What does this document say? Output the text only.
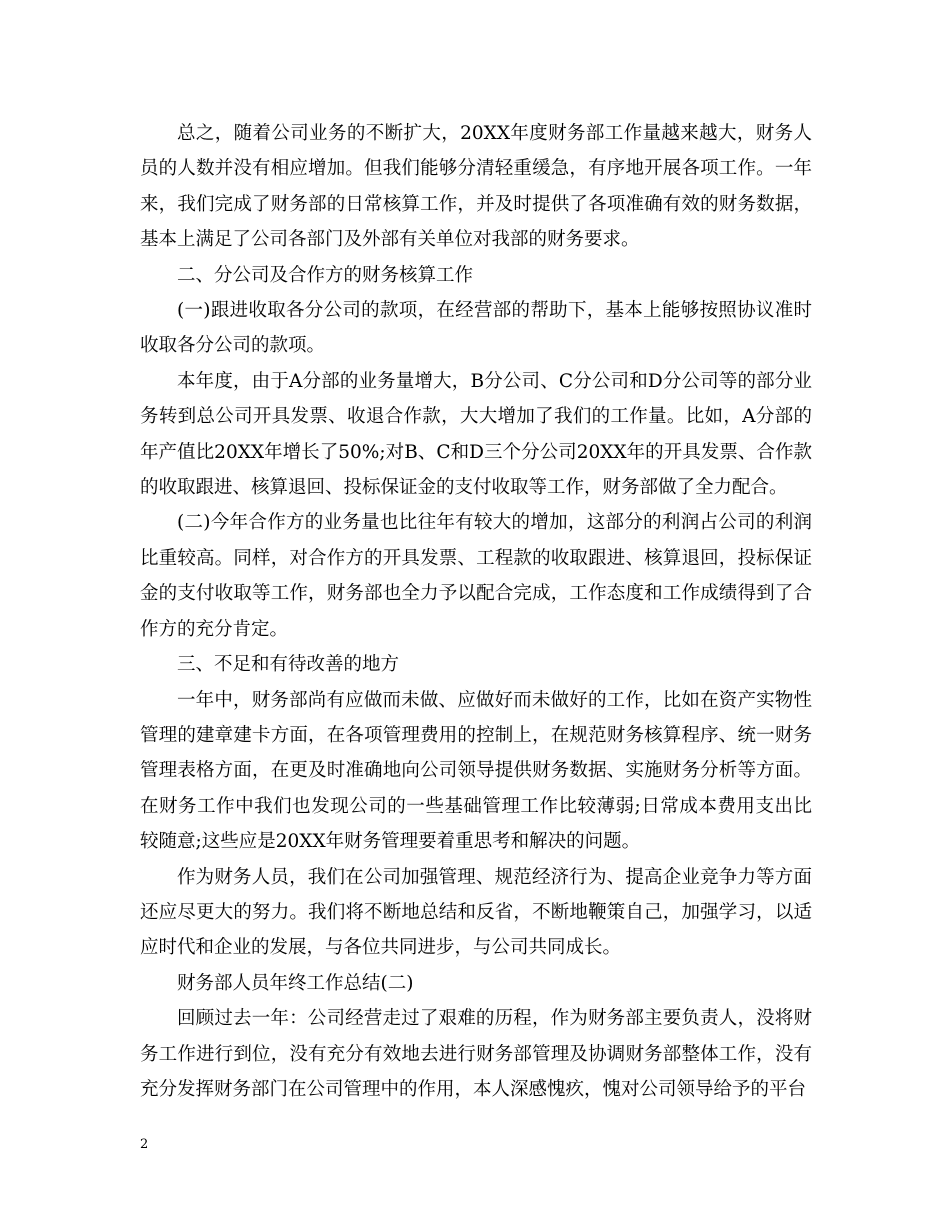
总之，随着公司业务的不断扩大，20XX年度财务部工作量越来越大，财务人员的人数并没有相应增加。但我们能够分清轻重缓急，有序地开展各项工作。一年来，我们完成了财务部的日常核算工作，并及时提供了各项准确有效的财务数据，基本上满足了公司各部门及外部有关单位对我部的财务要求。

二、分公司及合作方的财务核算工作

(一)跟进收取各分公司的款项，在经营部的帮助下，基本上能够按照协议准时收取各分公司的款项。

本年度，由于A分部的业务量增大，B分公司、C分公司和D分公司等的部分业务转到总公司开具发票、收退合作款，大大增加了我们的工作量。比如，A分部的年产值比20XX年增长了50%;对B、C和D三个分公司20XX年的开具发票、合作款的收取跟进、核算退回、投标保证金的支付收取等工作，财务部做了全力配合。

(二)今年合作方的业务量也比往年有较大的增加，这部分的利润占公司的利润比重较高。同样，对合作方的开具发票、工程款的收取跟进、核算退回，投标保证金的支付收取等工作，财务部也全力予以配合完成，工作态度和工作成绩得到了合作方的充分肯定。

三、不足和有待改善的地方

一年中，财务部尚有应做而未做、应做好而未做好的工作，比如在资产实物性管理的建章建卡方面，在各项管理费用的控制上，在规范财务核算程序、统一财务管理表格方面，在更及时准确地向公司领导提供财务数据、实施财务分析等方面。在财务工作中我们也发现公司的一些基础管理工作比较薄弱;日常成本费用支出比较随意;这些应是20XX年财务管理要着重思考和解决的问题。

作为财务人员，我们在公司加强管理、规范经济行为、提高企业竞争力等方面还应尽更大的努力。我们将不断地总结和反省，不断地鞭策自己，加强学习，以适应时代和企业的发展，与各位共同进步，与公司共同成长。

财务部人员年终工作总结(二)

回顾过去一年：公司经营走过了艰难的历程，作为财务部主要负责人，没将财务工作进行到位，没有充分有效地去进行财务部管理及协调财务部整体工作，没有充分发挥财务部门在公司管理中的作用，本人深感愧疚，愧对公司领导给予的平台

2
